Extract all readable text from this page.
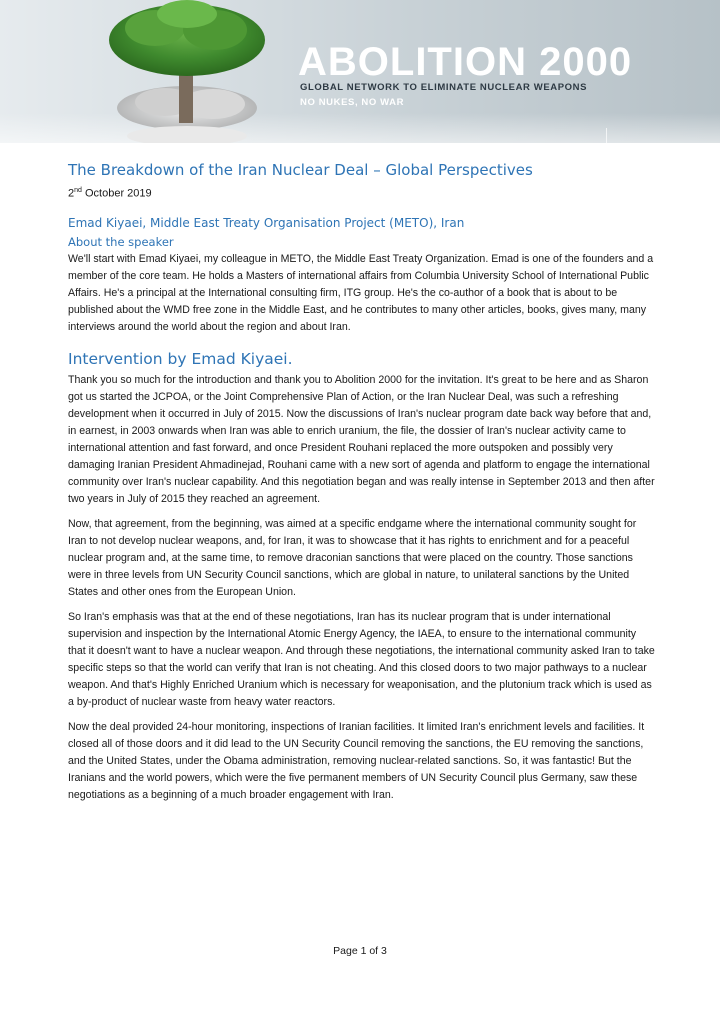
ABOLITION 2000
GLOBAL NETWORK TO ELIMINATE NUCLEAR WEAPONS
NO NUKES, NO WAR
The Breakdown of the Iran Nuclear Deal – Global Perspectives
2nd October 2019
Emad Kiyaei, Middle East Treaty Organisation Project (METO), Iran
About the speaker

We'll start with Emad Kiyaei, my colleague in METO, the Middle East Treaty Organization. Emad is one of the founders and a member of the core team. He holds a Masters of international affairs from Columbia University School of International Public Affairs. He's a principal at the International consulting firm, ITG group. He's the co-author of a book that is about to be published about the WMD free zone in the Middle East, and he contributes to many other articles, books, gives many, many interviews around the world about the region and about Iran.

Intervention by Emad Kiyaei.

Thank you so much for the introduction and thank you to Abolition 2000 for the invitation. It's great to be here and as Sharon got us started the JCPOA, or the Joint Comprehensive Plan of Action, or the Iran Nuclear Deal, was such a refreshing development when it occurred in July of 2015. Now the discussions of Iran's nuclear program date back way before that and, in earnest, in 2003 onwards when Iran was able to enrich uranium, the file, the dossier of Iran's nuclear activity came to international attention and fast forward, and once President Rouhani replaced the more outspoken and possibly very damaging Iranian President Ahmadinejad, Rouhani came with a new sort of agenda and platform to engage the international community over Iran's nuclear capability. And this negotiation began and was really intense in September 2013 and then after two years in July of 2015 they reached an agreement.

Now, that agreement, from the beginning, was aimed at a specific endgame where the international community sought for Iran to not develop nuclear weapons, and, for Iran, it was to showcase that it has rights to enrichment and for a peaceful nuclear program and, at the same time, to remove draconian sanctions that were placed on the country. Those sanctions were in three levels from UN Security Council sanctions, which are global in nature, to unilateral sanctions by the United States and other ones from the European Union.

So Iran's emphasis was that at the end of these negotiations, Iran has its nuclear program that is under international supervision and inspection by the International Atomic Energy Agency, the IAEA, to ensure to the international community that it doesn't want to have a nuclear weapon. And through these negotiations, the international community asked Iran to take specific steps so that the world can verify that Iran is not cheating. And this closed doors to two major pathways to a nuclear weapon. And that's Highly Enriched Uranium which is necessary for weaponisation, and the plutonium track which is used as a by-product of nuclear waste from heavy water reactors.

Now the deal provided 24-hour monitoring, inspections of Iranian facilities. It limited Iran's enrichment levels and facilities. It closed all of those doors and it did lead to the UN Security Council removing the sanctions, the EU removing the sanctions, and the United States, under the Obama administration, removing nuclear-related sanctions. So, it was fantastic! But the Iranians and the world powers, which were the five permanent members of UN Security Council plus Germany, saw these negotiations as a beginning of a much broader engagement with Iran.

Page 1 of 3
